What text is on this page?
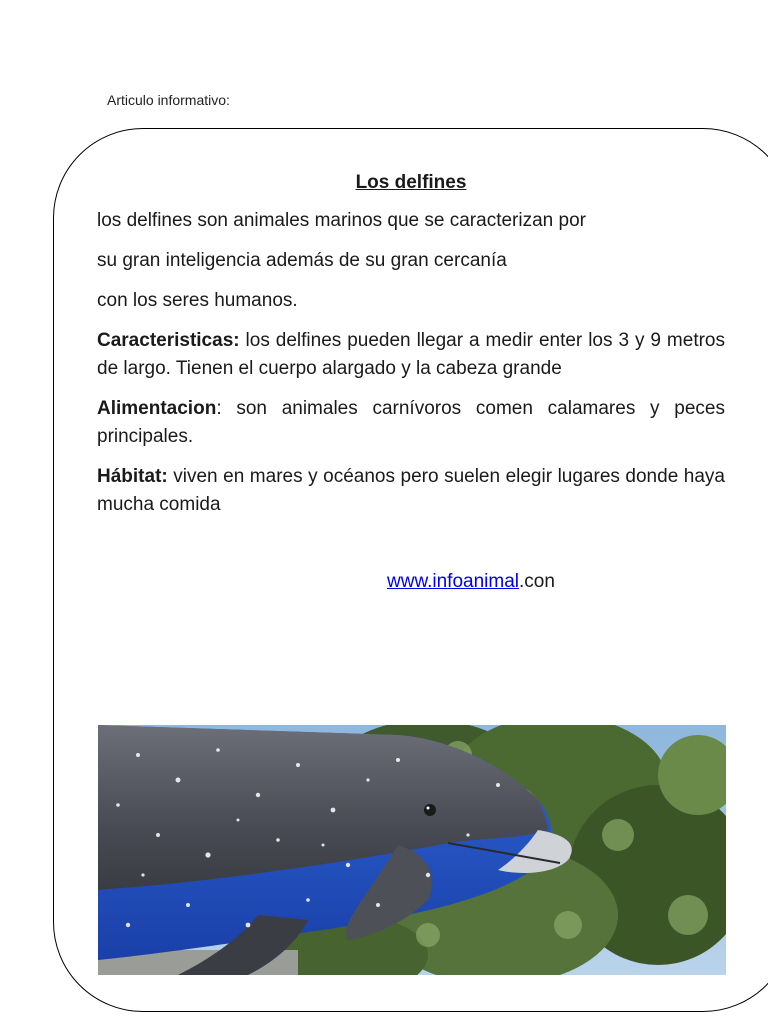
Articulo informativo:
Los delfines

los delfines son animales marinos que se caracterizan por

su gran inteligencia además de su gran cercanía

con los seres humanos.

Caracteristicas: los delfines pueden llegar a medir enter los 3 y 9 metros de largo. Tienen el cuerpo alargado y la cabeza grande

Alimentacion: son animales carnívoros comen calamares y peces principales.

Hábitat: viven en mares y océanos pero suelen elegir lugares donde haya mucha comida

www.infoanimal.con
